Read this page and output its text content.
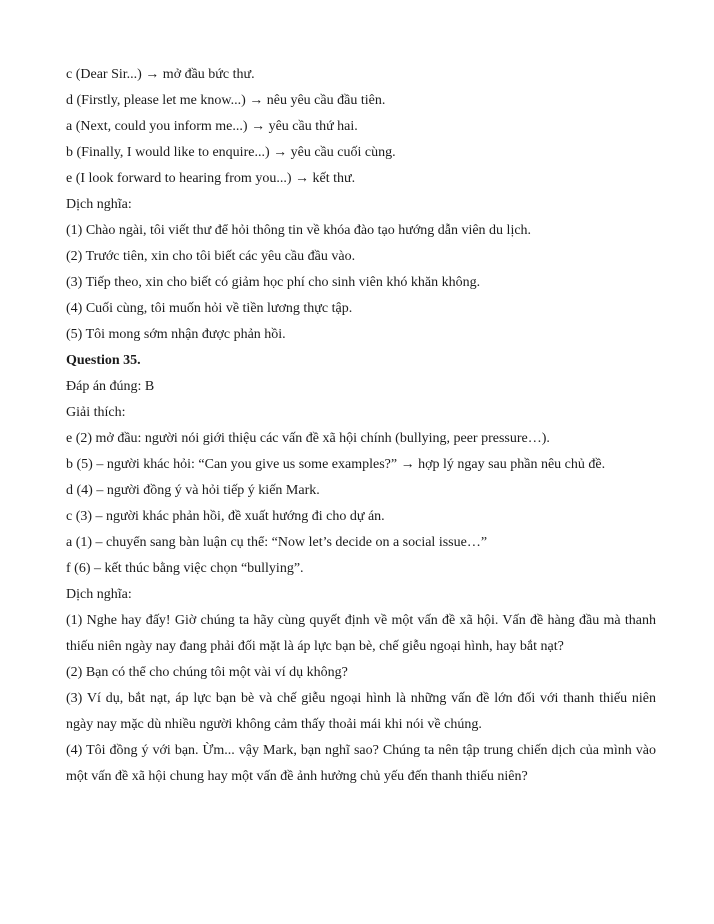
c (Dear Sir...) → mở đầu bức thư.

d (Firstly, please let me know...) → nêu yêu cầu đầu tiên.

a (Next, could you inform me...) → yêu cầu thứ hai.

b (Finally, I would like to enquire...) → yêu cầu cuối cùng.

e (I look forward to hearing from you...) → kết thư.

Dịch nghĩa:

(1) Chào ngài, tôi viết thư để hỏi thông tin về khóa đào tạo hướng dẫn viên du lịch.

(2) Trước tiên, xin cho tôi biết các yêu cầu đầu vào.

(3) Tiếp theo, xin cho biết có giảm học phí cho sinh viên khó khăn không.

(4) Cuối cùng, tôi muốn hỏi về tiền lương thực tập.

(5) Tôi mong sớm nhận được phản hồi.

Question 35.

Đáp án đúng: B

Giải thích:

e (2) mở đầu: người nói giới thiệu các vấn đề xã hội chính (bullying, peer pressure…).

b (5) – người khác hỏi: “Can you give us some examples?” → hợp lý ngay sau phần nêu chủ đề.

d (4) – người đồng ý và hỏi tiếp ý kiến Mark.

c (3) – người khác phản hồi, đề xuất hướng đi cho dự án.

a (1) – chuyển sang bàn luận cụ thể: “Now let’s decide on a social issue…”

f (6) – kết thúc bằng việc chọn “bullying”.

Dịch nghĩa:

(1) Nghe hay đấy! Giờ chúng ta hãy cùng quyết định về một vấn đề xã hội. Vấn đề hàng đầu mà thanh thiếu niên ngày nay đang phải đối mặt là áp lực bạn bè, chế giễu ngoại hình, hay bắt nạt?

(2) Bạn có thể cho chúng tôi một vài ví dụ không?

(3) Ví dụ, bắt nạt, áp lực bạn bè và chế giễu ngoại hình là những vấn đề lớn đối với thanh thiếu niên ngày nay mặc dù nhiều người không cảm thấy thoải mái khi nói về chúng.

(4) Tôi đồng ý với bạn. Ừm... vậy Mark, bạn nghĩ sao? Chúng ta nên tập trung chiến dịch của mình vào một vấn đề xã hội chung hay một vấn đề ảnh hưởng chủ yếu đến thanh thiếu niên?
